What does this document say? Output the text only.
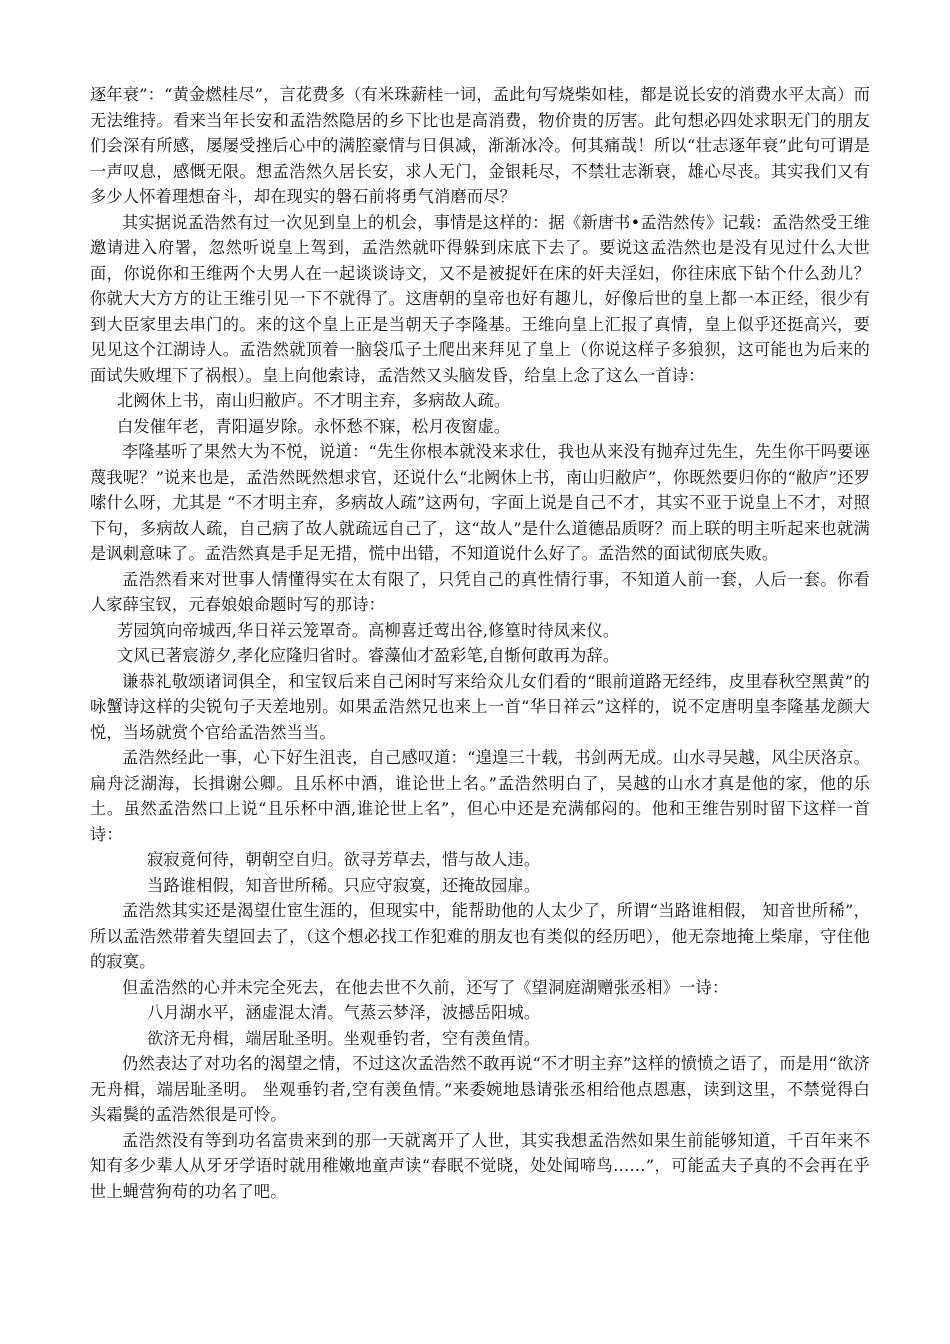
逐年衰”：“黄金燃桂尽”，言花费多（有米珠薪桂一词，孟此句写烧柴如桂，都是说长安的消费水平太高）而无法维持。看来当年长安和孟浩然隐居的乡下比也是高消费，物价贵的厉害。此句想必四处求职无门的朋友们会深有所感，屡屡受挫后心中的满腔豪情与日俱减，渐渐冰冷。何其痛哉！所以“壮志逐年衰”此句可谓是一声叹息，感慨无限。想孟浩然久居长安，求人无门，金银耗尽，不禁壮志渐衰，雄心尽丧。其实我们又有多少人怀着理想奋斗，却在现实的磐石前将勇气消磨而尽？

其实据说孟浩然有过一次见到皇上的机会，事情是这样的：据《新唐书•孟浩然传》记载：孟浩然受王维邀请进入府署，忽然听说皇上驾到，孟浩然就吓得躲到床底下去了。要说这孟浩然也是没有见过什么大世面，你说你和王维两个大男人在一起谈谈诗文，又不是被捉奸在床的奸夫淫妇，你往床底下钻个什么劲儿？你就大大方方的让王维引见一下不就得了。这唐朝的皇帝也好有趣儿，好像后世的皇上都一本正经，很少有到大臣家里去串门的。来的这个皇上正是当朝天子李隆基。王维向皇上汇报了真情，皇上似乎还挺高兴，要见见这个江湖诗人。孟浩然就顶着一脑袋瓜子土爬出来拜见了皇上（你说这样子多狼狈，这可能也为后来的面试失败埋下了祸根）。皇上向他索诗，孟浩然又头脑发昏，给皇上念了这么一首诗：

北阙休上书，南山归敝庐。不才明主弃，多病故人疏。

白发催年老，青阳逼岁除。永怀愁不寐，松月夜窗虚。

李隆基听了果然大为不悦，说道：“先生你根本就没来求仕，我也从来没有抛弃过先生，先生你干吗要诬蔑我呢？”说来也是，孟浩然既然想求官，还说什么“北阙休上书，南山归敝庐”，你既然要归你的“敝庐”还罗嗦什么呀，尤其是 “不才明主弃，多病故人疏”这两句，字面上说是自己不才，其实不亚于说皇上不才，对照下句，多病故人疏，自己病了故人就疏远自己了，这“故人”是什么道德品质呀？而上联的明主听起来也就满是讽刺意味了。孟浩然真是手足无措，慌中出错，不知道说什么好了。孟浩然的面试彻底失败。

孟浩然看来对世事人情懂得实在太有限了，只凭自己的真性情行事，不知道人前一套，人后一套。你看人家薛宝钗，元春娘娘命题时写的那诗：

芳园筑向帝城西,华日祥云笼罩奇。高柳喜迁莺出谷,修篁时待凤来仪。

文风已著宸游夕,孝化应隆归省时。睿藻仙才盈彩笔,自惭何敢再为辞。

谦恭礼敬颂诸词俱全，和宝钗后来自己闲时写来给众儿女们看的“眼前道路无经纬，皮里春秋空黑黄”的咏蟹诗这样的尖锐句子天差地别。如果孟浩然兄也来上一首“华日祥云”这样的，说不定唐明皇李隆基龙颜大悦，当场就赏个官给孟浩然当当。

孟浩然经此一事，心下好生沮丧，自己感叹道：“遑遑三十载，书剑两无成。山水寻吴越，风尘厌洛京。扁舟泛湖海，长揖谢公卿。且乐杯中酒，谁论世上名。”孟浩然明白了，吴越的山水才真是他的家，他的乐土。虽然孟浩然口上说“且乐杯中酒,谁论世上名”，但心中还是充满郁闷的。他和王维告别时留下这样一首诗：

寂寂竟何待，朝朝空自归。欲寻芳草去，惜与故人违。

当路谁相假，知音世所稀。只应守寂寞，还掩故园扉。

孟浩然其实还是渴望仕宦生涯的，但现实中，能帮助他的人太少了，所谓“当路谁相假， 知音世所稀”，所以孟浩然带着失望回去了，（这个想必找工作犯难的朋友也有类似的经历吧），他无奈地掩上柴扉，守住他的寂寞。

但孟浩然的心并未完全死去，在他去世不久前，还写了《望洞庭湖赠张丞相》一诗：

八月湖水平，涵虚混太清。气蒸云梦泽，波撼岳阳城。

欲济无舟楫，端居耻圣明。坐观垂钓者，空有羡鱼情。

仍然表达了对功名的渴望之情，不过这次孟浩然不敢再说“不才明主弃”这样的愤愤之语了，而是用“欲济无舟楫，端居耻圣明。 坐观垂钓者,空有羡鱼情。”来委婉地恳请张丞相给他点恩惠，读到这里，不禁觉得白头霜鬓的孟浩然很是可怜。

孟浩然没有等到功名富贵来到的那一天就离开了人世，其实我想孟浩然如果生前能够知道，千百年来不知有多少辈人从牙牙学语时就用稚嫩地童声读“春眠不觉晓，处处闻啼鸟……”，可能孟夫子真的不会再在乎世上蝇营狗苟的功名了吧。
